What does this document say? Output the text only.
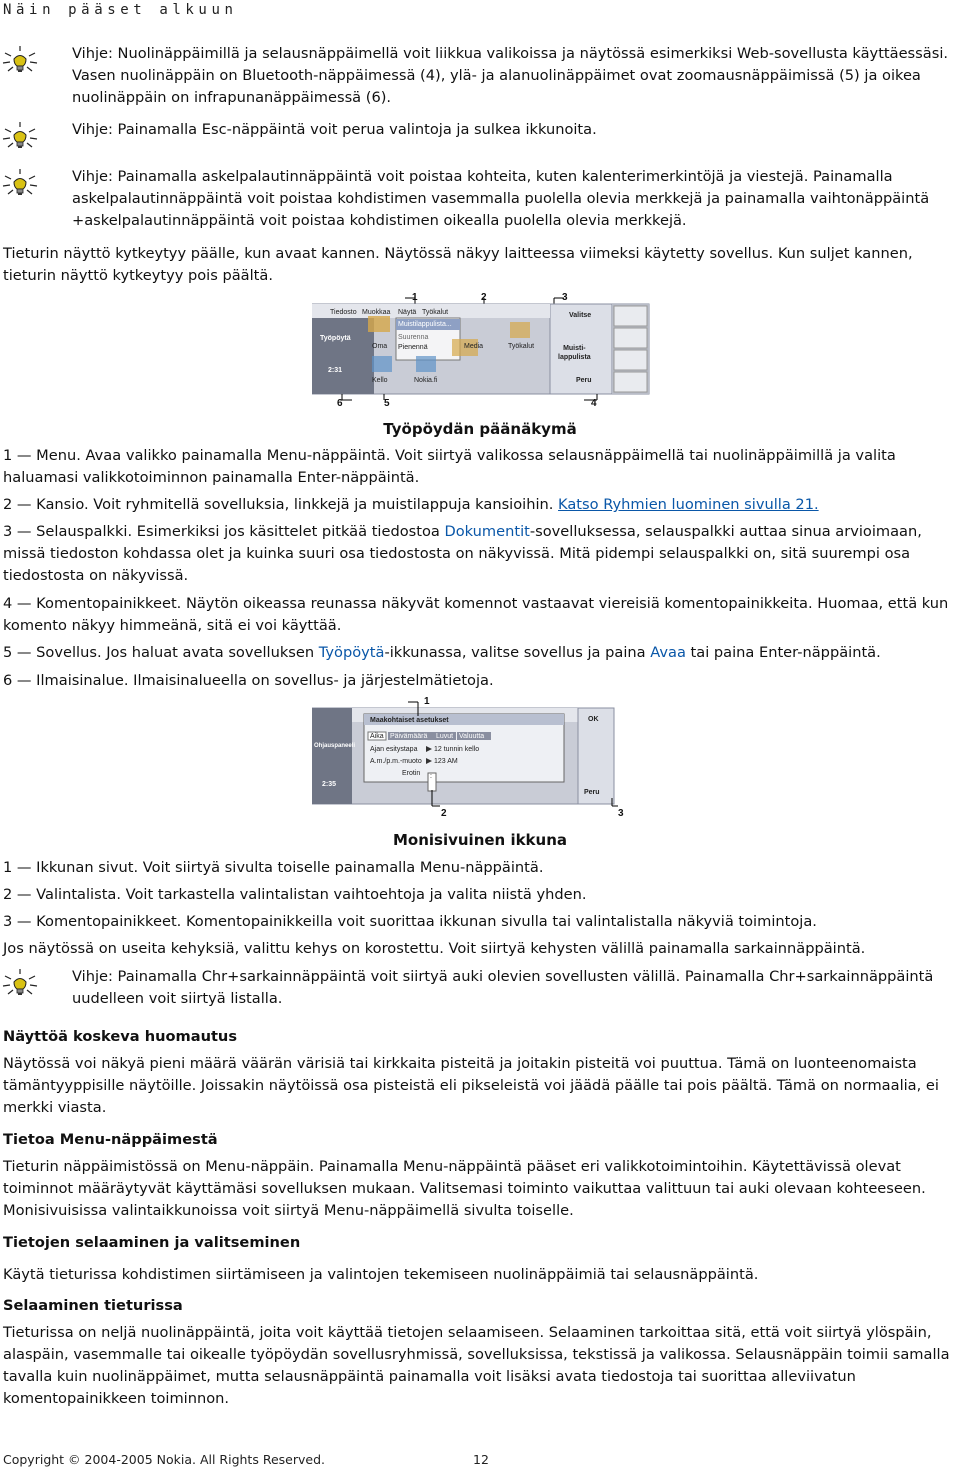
Näin pääset alkuun
Vihje: Nuolinäppäimillä ja selausnäppäimellä voit liikkua valikoissa ja näytössä esimerkiksi Web-sovellusta käyttäessäsi. Vasen nuolinäppäin on Bluetooth-näppäimessä (4), ylä- ja alanuolinäppäimet ovat zoomausnäppäimissä (5) ja oikea nuolinäppäin on infrapunanäppäimessä (6).
Vihje: Painamalla Esc-näppäintä voit perua valintoja ja sulkea ikkunoita.
Vihje: Painamalla askelpalautinnäppäintä voit poistaa kohteita, kuten kalenterimerkintöjä ja viestejä. Painamalla askelpalautinnäppäintä voit poistaa kohdistimen vasemmalla puolella olevia merkkejä ja painamalla vaihtonäppäintä +askelpalautinnäppäintä voit poistaa kohdistimen oikealla puolella olevia merkkejä.
Tieturin näyttö kytkeytyy päälle, kun avaat kannen. Näytössä näkyy laitteessa viimeksi käytetty sovellus. Kun suljet kannen, tieturin näyttö kytkeytyy pois päältä.
1	2	3
4
5
6
Tiedosto Muokkaa Näytä Työkalut
Muistilappulista...
Suurenna
Pienennä
Työpöytä
2:31
Oma	Media	Työkalut
Kello	Nokia.fi
Valitse
Muisti-
lappulista
Peru
Työpöydän päänäkymä
1 — Menu. Avaa valikko painamalla Menu-näppäintä. Voit siirtyä valikossa selausnäppäimellä tai nuolinäppäimillä ja valita haluamasi valikkotoiminnon painamalla Enter-näppäintä.
2 — Kansio. Voit ryhmitellä sovelluksia, linkkejä ja muistilappuja kansioihin. Katso Ryhmien luominen sivulla 21.
3 — Selauspalkki. Esimerkiksi jos käsittelet pitkää tiedostoa Dokumentit-sovelluksessa, selauspalkki auttaa sinua arvioimaan, missä tiedoston kohdassa olet ja kuinka suuri osa tiedostosta on näkyvissä. Mitä pidempi selauspalkki on, sitä suurempi osa tiedostosta on näkyvissä.
4 — Komentopainikkeet. Näytön oikeassa reunassa näkyvät komennot vastaavat viereisiä komentopainikkeita. Huomaa, että kun komento näkyy himmeänä, sitä ei voi käyttää.
5 — Sovellus. Jos haluat avata sovelluksen Työpöytä-ikkunassa, valitse sovellus ja paina Avaa tai paina Enter-näppäintä.
6 — Ilmaisinalue. Ilmaisinalueella on sovellus- ja järjestelmätietoja.
1
2	3
Maakohtaiset asetukset
Aika Päivämäärä Luvut Valuutta
Ajan esitystapa 12 tunnin kello
A.m./p.m.-muoto 123 AM
Erotin :
Ohjauspaneeli
2:35
OK
Peru
Monisivuinen ikkuna
1 — Ikkunan sivut. Voit siirtyä sivulta toiselle painamalla Menu-näppäintä.
2 — Valintalista. Voit tarkastella valintalistan vaihtoehtoja ja valita niistä yhden.
3 — Komentopainikkeet. Komentopainikkeilla voit suorittaa ikkunan sivulla tai valintalistalla näkyviä toimintoja.
Jos näytössä on useita kehyksiä, valittu kehys on korostettu. Voit siirtyä kehysten välillä painamalla sarkainnäppäintä.
Vihje: Painamalla Chr+sarkainnäppäintä voit siirtyä auki olevien sovellusten välillä. Painamalla Chr+sarkainnäppäintä uudelleen voit siirtyä listalla.
Näyttöä koskeva huomautus
Näytössä voi näkyä pieni määrä väärän värisiä tai kirkkaita pisteitä ja joitakin pisteitä voi puuttua. Tämä on luonteenomaista tämäntyyppisille näytöille. Joissakin näytöissä osa pisteistä eli pikseleistä voi jäädä päälle tai pois päältä. Tämä on normaalia, ei merkki viasta.
Tietoa Menu-näppäimestä
Tieturin näppäimistössä on Menu-näppäin. Painamalla Menu-näppäintä pääset eri valikkotoimintoihin. Käytettävissä olevat toiminnot määräytyvät käyttämäsi sovelluksen mukaan. Valitsemasi toiminto vaikuttaa valittuun tai auki olevaan kohteeseen. Monisivuisissa valintaikkunoissa voit siirtyä Menu-näppäimellä sivulta toiselle.
Tietojen selaaminen ja valitseminen
Käytä tieturissa kohdistimen siirtämiseen ja valintojen tekemiseen nuolinäppäimiä tai selausnäppäintä.
Selaaminen tieturissa
Tieturissa on neljä nuolinäppäintä, joita voit käyttää tietojen selaamiseen. Selaaminen tarkoittaa sitä, että voit siirtyä ylöspäin, alaspäin, vasemmalle tai oikealle työpöydän sovellusryhmissä, sovelluksissa, tekstissä ja valikossa. Selausnäppäin toimii samalla tavalla kuin nuolinäppäimet, mutta selausnäppäintä painamalla voit lisäksi avata tiedostoja tai suorittaa alleviivatun komentopainikkeen toiminnon.
Copyright © 2004-2005 Nokia. All Rights Reserved.	12
